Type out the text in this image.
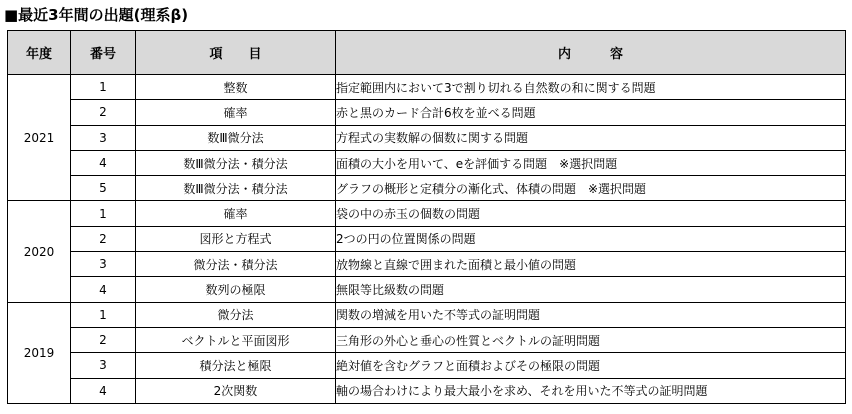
■最近3年間の出題(理系β)
年度	番号	項　　目	内　　　容
2021	1	整数	指定範囲内において3で割り切れる自然数の和に関する問題
	2	確率	赤と黒のカード合計6枚を並べる問題
	3	数Ⅲ微分法	方程式の実数解の個数に関する問題
	4	数Ⅲ微分法・積分法	面積の大小を用いて、eを評価する問題　※選択問題
	5	数Ⅲ微分法・積分法	グラフの概形と定積分の漸化式、体積の問題　※選択問題
2020	1	確率	袋の中の赤玉の個数の問題
	2	図形と方程式	2つの円の位置関係の問題
	3	微分法・積分法	放物線と直線で囲まれた面積と最小値の問題
	4	数列の極限	無限等比級数の問題
2019	1	微分法	関数の増減を用いた不等式の証明問題
	2	ベクトルと平面図形	三角形の外心と垂心の性質とベクトルの証明問題
	3	積分法と極限	絶対値を含むグラフと面積およびその極限の問題
	4	2次関数	軸の場合わけにより最大最小を求め、それを用いた不等式の証明問題
